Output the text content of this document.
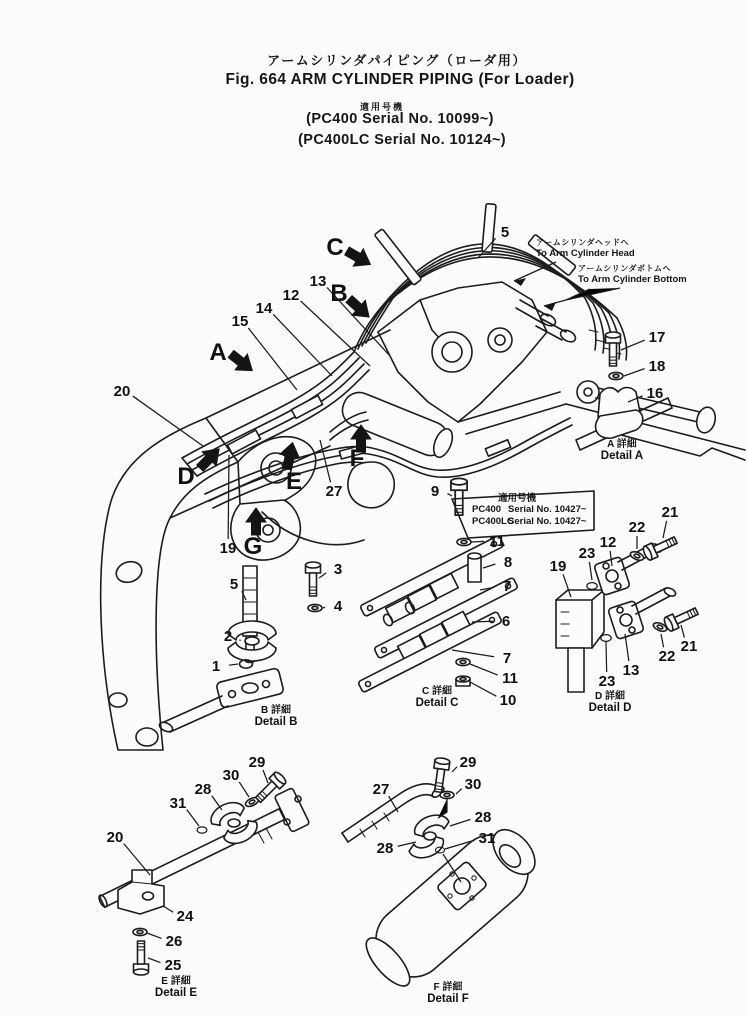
5
13
12
14
15
20
27
19
17
18
16
5
3
4
2
1
9
11
8
7
6
7
11
10
21
22
12
23
19
21
22
13
23
29
30
28
31
20
24
26
25
29
30
27
28
28
31
A
B
C
D	E
F
G
A 詳細
Detail A
B 詳細
Detail B
C 詳細
Detail C
D 詳細
Detail D
E 詳細
Detail E	F 詳細
Detail F
アームシリンダパイピング（ローダ用）
Fig. 664 ARM CYLINDER PIPING (For Loader)
適用号機
(PC400 Serial No. 10099~)
(PC400LC Serial No. 10124~)
アームシリンダヘッドへ
To Arm Cylinder Head
アームシリンダボトムへ
To Arm Cylinder Bottom
適用号機
PC400 Serial No. 10427~
PC400LC
Serial No. 10427~
